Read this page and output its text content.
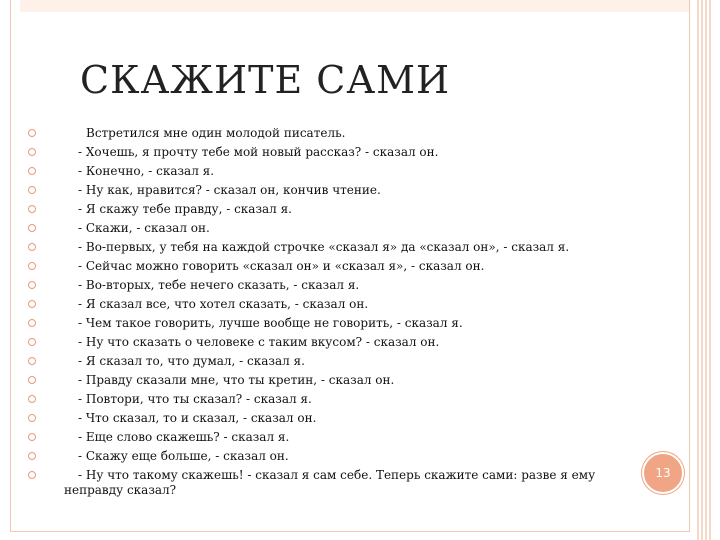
СКАЖИТЕ САМИ
Встретился мне один молодой писатель.
- Хочешь, я прочту тебе мой новый рассказ? - сказал он.
- Конечно, - сказал я.
- Ну как, нравится? - сказал он, кончив чтение.
- Я скажу тебе правду, - сказал я.
- Скажи, - сказал он.
- Во-первых, у тебя на каждой строчке «сказал я» да «сказал он», - сказал я.
- Сейчас можно говорить «сказал он» и «сказал я», - сказал он.
- Во-вторых, тебе нечего сказать, - сказал я.
- Я сказал все, что хотел сказать, - сказал он.
- Чем такое говорить, лучше вообще не говорить, - сказал я.
- Ну что сказать о человеке с таким вкусом? - сказал он.
- Я сказал то, что думал, - сказал я.
- Правду сказали мне, что ты кретин, - сказал он.
- Повтори, что ты сказал? - сказал я.
- Что сказал, то и сказал, - сказал он.
- Еще слово скажешь? - сказал я.
- Скажу еще больше, - сказал он.
- Ну что такому скажешь! - сказал я сам себе. Теперь скажите сами: разве я ему неправду сказал?
13
